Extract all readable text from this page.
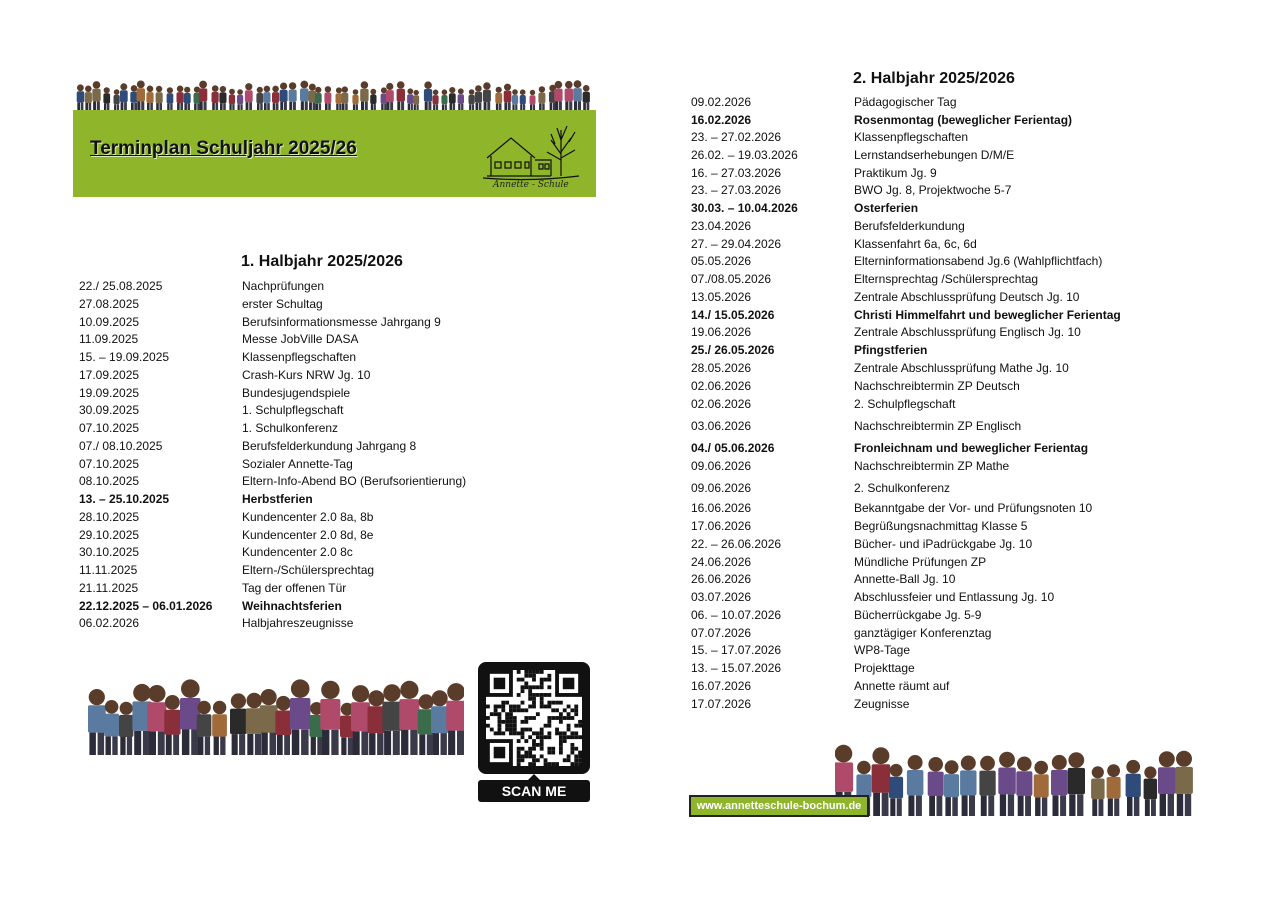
Terminplan Schuljahr 2025/26
Annette - Schule
1. Halbjahr 2025/2026
22./ 25.08.2025	Nachprüfungen
27.08.2025	erster Schultag
10.09.2025	Berufsinformationsmesse Jahrgang 9
11.09.2025	Messe JobVille DASA
15. – 19.09.2025	Klassenpflegschaften
17.09.2025	Crash-Kurs NRW Jg. 10
19.09.2025	Bundesjugendspiele
30.09.2025	1. Schulpflegschaft
07.10.2025	1. Schulkonferenz
07./ 08.10.2025	Berufsfelderkundung Jahrgang 8
07.10.2025	Sozialer Annette-Tag
08.10.2025	Eltern-Info-Abend BO (Berufsorientierung)
13. – 25.10.2025	Herbstferien
28.10.2025	Kundencenter 2.0 8a, 8b
29.10.2025	Kundencenter 2.0 8d, 8e
30.10.2025	Kundencenter 2.0 8c
11.11.2025	Eltern-/Schülersprechtag
21.11.2025	Tag der offenen Tür
22.12.2025 – 06.01.2026 Weihnachtsferien
06.02.2026	Halbjahreszeugnisse
SCAN ME
2. Halbjahr 2025/2026
09.02.2026	Pädagogischer Tag
16.02.2026	Rosenmontag (beweglicher Ferientag)
23. – 27.02.2026	Klassenpflegschaften
26.02. – 19.03.2026	Lernstandserhebungen D/M/E
16. – 27.03.2026	Praktikum Jg. 9
23. – 27.03.2026	BWO Jg. 8, Projektwoche 5-7
30.03. – 10.04.2026	Osterferien
23.04.2026	Berufsfelderkundung
27. – 29.04.2026	Klassenfahrt 6a, 6c, 6d
05.05.2026	Elterninformationsabend Jg.6 (Wahlpflichtfach)
07./08.05.2026	Elternsprechtag /Schülersprechtag
13.05.2026	Zentrale Abschlussprüfung Deutsch Jg. 10
14./ 15.05.2026	Christi Himmelfahrt und beweglicher Ferientag
19.06.2026	Zentrale Abschlussprüfung Englisch Jg. 10
25./ 26.05.2026	Pfingstferien
28.05.2026	Zentrale Abschlussprüfung Mathe Jg. 10
02.06.2026	Nachschreibtermin ZP Deutsch
02.06.2026	2. Schulpflegschaft
03.06.2026	Nachschreibtermin ZP Englisch
04./ 05.06.2026	Fronleichnam und beweglicher Ferientag
09.06.2026	Nachschreibtermin ZP Mathe
09.06.2026	2. Schulkonferenz
16.06.2026	Bekanntgabe der Vor- und Prüfungsnoten 10
17.06.2026	Begrüßungsnachmittag Klasse 5
22. – 26.06.2026	Bücher- und iPadrückgabe Jg. 10
24.06.2026	Mündliche Prüfungen ZP
26.06.2026	Annette-Ball Jg. 10
03.07.2026	Abschlussfeier und Entlassung Jg. 10
06. – 10.07.2026	Bücherrückgabe Jg. 5-9
07.07.2026	ganztägiger Konferenztag
15. – 17.07.2026	WP8-Tage
13. – 15.07.2026	Projekttage
16.07.2026	Annette räumt auf
17.07.2026	Zeugnisse
www.annetteschule-bochum.de
